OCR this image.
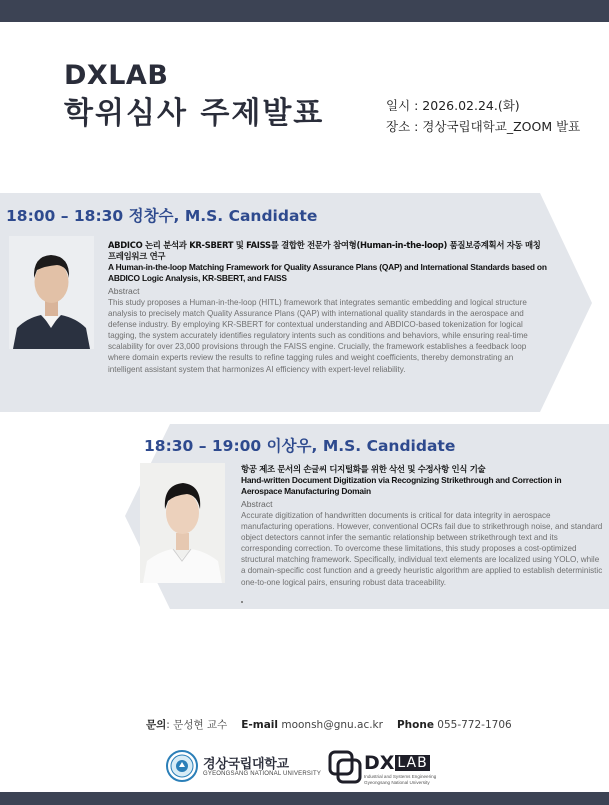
DXLAB
학위심사 주제발표	일시 : 2026.02.24.(화)
장소 : 경상국립대학교_ZOOM 발표
18:00 – 18:30 정창수, M.S. Candidate

ABDICO 논리 분석과 KR-SBERT 및 FAISS를 결합한 전문가 참여형(Human-in-the-loop) 품질보증계획서 자동 매칭 프레임워크 연구

A Human-in-the-loop Matching Framework for Quality Assurance Plans (QAP) and International Standards based on ABDICO Logic Analysis, KR-SBERT, and FAISS

Abstract

This study proposes a Human-in-the-loop (HITL) framework that integrates semantic embedding and logical structure analysis to precisely match Quality Assurance Plans (QAP) with international quality standards in the aerospace and defense industry. By employing KR-SBERT for contextual understanding and ABDICO-based tokenization for logical tagging, the system accurately identifies regulatory intents such as conditions and behaviors, while ensuring real-time scalability for over 23,000 provisions through the FAISS engine. Crucially, the framework establishes a feedback loop where domain experts review the results to refine tagging rules and weight coefficients, thereby demonstrating an intelligent assistant system that harmonizes AI efficiency with expert-level reliability.

18:30 – 19:00 이상우, M.S. Candidate

항공 제조 문서의 손글씨 디지털화를 위한 삭선 및 수정사항 인식 기술

Hand-written Document Digitization via Recognizing Strikethrough and Correction in Aerospace Manufacturing Domain

Abstract

Accurate digitization of handwritten documents is critical for data integrity in aerospace manufacturing operations. However, conventional OCRs fail due to strikethrough noise, and standard object detectors cannot infer the semantic relationship between strikethrough text and its corresponding correction. To overcome these limitations, this study proposes a cost-optimized structural matching framework. Specifically, individual text elements are localized using YOLO, while a domain-specific cost function and a greedy heuristic algorithm are applied to establish deterministic one-to-one logical pairs, ensuring robust data traceability.

문의: 문성현 교수 E-mail moonsh@gnu.ac.kr Phone 055-772-1706
경상국립대학교
GYEONGSANG NATIONAL UNIVERSITY DX LAB
Industrial and Systems Engineering
Gyeongsang National University
